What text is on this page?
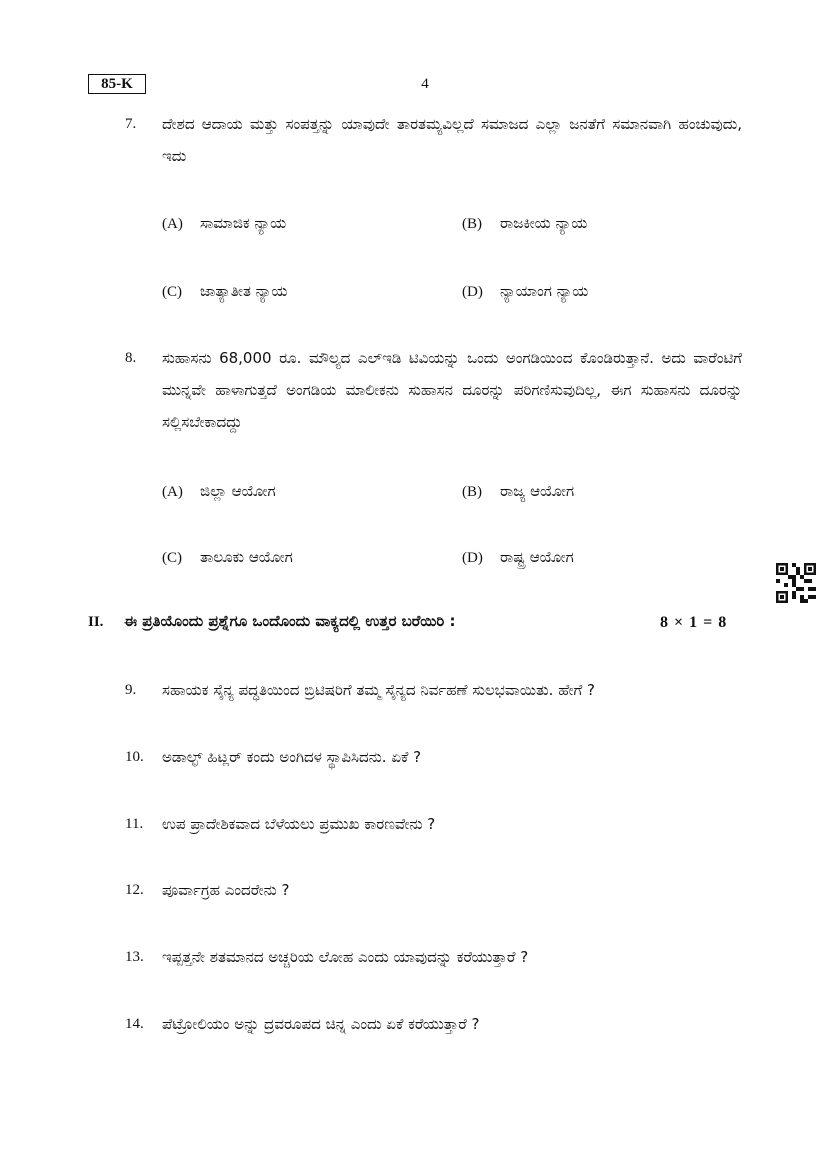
85-K	4
7. ದೇಶದ ಆದಾಯ ಮತ್ತು ಸಂಪತ್ತನ್ನು ಯಾವುದೇ ತಾರತಮ್ಯವಿಲ್ಲದೆ ಸಮಾಜದ ಎಲ್ಲಾ ಜನತೆಗೆ ಸಮಾನವಾಗಿ ಹಂಚುವುದು, ಇದು
(A) ಸಾಮಾಜಿಕ ನ್ಯಾಯ	(B) ರಾಜಕೀಯ ನ್ಯಾಯ
(C) ಜಾತ್ಯಾತೀತ ನ್ಯಾಯ	(D) ನ್ಯಾಯಾಂಗ ನ್ಯಾಯ
8. ಸುಹಾಸನು 68,000 ರೂ. ಮೌಲ್ಯದ ಎಲ್ಇಡಿ ಟಿವಿಯನ್ನು ಒಂದು ಅಂಗಡಿಯಿಂದ ಕೊಂಡಿರುತ್ತಾನೆ. ಅದು ವಾರೆಂಟಿಗೆ ಮುನ್ನವೇ ಹಾಳಾಗುತ್ತದೆ ಅಂಗಡಿಯ ಮಾಲೀಕನು ಸುಹಾಸನ ದೂರನ್ನು ಪರಿಗಣಿಸುವುದಿಲ್ಲ, ಈಗ ಸುಹಾಸನು ದೂರನ್ನು ಸಲ್ಲಿಸಬೇಕಾದದ್ದು
(A) ಜಿಲ್ಲಾ ಆಯೋಗ	(B) ರಾಜ್ಯ ಆಯೋಗ
(C) ತಾಲೂಕು ಆಯೋಗ	(D) ರಾಷ್ಟ್ರ ಆಯೋಗ
II. ಈ ಪ್ರತಿಯೊಂದು ಪ್ರಶ್ನೆಗೂ ಒಂದೊಂದು ವಾಕ್ಯದಲ್ಲಿ ಉತ್ತರ ಬರೆಯಿರಿ :	8 × 1 = 8
9. ಸಹಾಯಕ ಸೈನ್ಯ ಪದ್ಧತಿಯಿಂದ ಬ್ರಿಟಿಷರಿಗೆ ತಮ್ಮ ಸೈನ್ಯದ ನಿರ್ವಹಣೆ ಸುಲಭವಾಯಿತು. ಹೇಗೆ ?
10. ಅಡಾಲ್ಫ್ ಹಿಟ್ಲರ್ ಕಂದು ಅಂಗಿದಳ ಸ್ಥಾಪಿಸಿದನು. ಏಕೆ ?
11. ಉಪ ಪ್ರಾದೇಶಿಕವಾದ ಬೆಳೆಯಲು ಪ್ರಮುಖ ಕಾರಣವೇನು ?
12. ಪೂರ್ವಾಗ್ರಹ ಎಂದರೇನು ?
13. ಇಪ್ಪತ್ತನೇ ಶತಮಾನದ ಅಚ್ಚರಿಯ ಲೋಹ ಎಂದು ಯಾವುದನ್ನು ಕರೆಯುತ್ತಾರೆ ?
14. ಪೆಟ್ರೋಲಿಯಂ ಅನ್ನು ದ್ರವರೂಪದ ಚಿನ್ನ ಎಂದು ಏಕೆ ಕರೆಯುತ್ತಾರೆ ?
